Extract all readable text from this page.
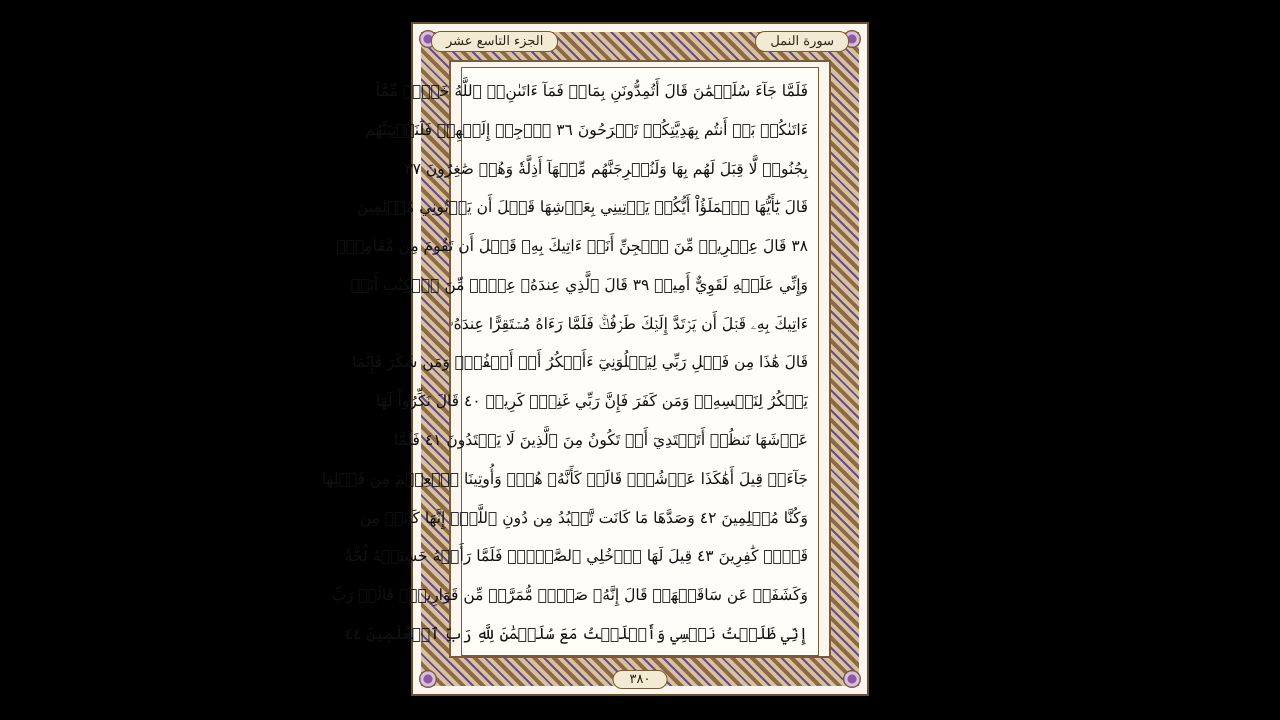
الجزء التاسع عشر	سورة النمل
فَلَمَّا جَآءَ سُلَيۡمَٰنَ قَالَ أَتُمِدُّونَنِ بِمَالٖ فَمَآ ءَاتَىٰنِۦَ ٱللَّهُ خَيۡرٞ مِّمَّآ
ءَاتَىٰكُمۚ بَلۡ أَنتُم بِهَدِيَّتِكُمۡ تَفۡرَحُونَ ٣٦ ٱرۡجِعۡ إِلَيۡهِمۡ فَلَنَأۡتِيَنَّهُم
بِجُنُودٖ لَّا قِبَلَ لَهُم بِهَا وَلَنُخۡرِجَنَّهُم مِّنۡهَآ أَذِلَّةٗ وَهُمۡ صَٰغِرُونَ ٣٧
قَالَ يَٰٓأَيُّهَا ٱلۡمَلَؤُاْ أَيُّكُمۡ يَأۡتِينِي بِعَرۡشِهَا قَبۡلَ أَن يَأۡتُونِي مُسۡلِمِينَ
٣٨ قَالَ عِفۡرِيتٞ مِّنَ ٱلۡجِنِّ أَنَا۠ ءَاتِيكَ بِهِۦ قَبۡلَ أَن تَقُومَ مِن مَّقَامِكَۖ
وَإِنِّي عَلَيۡهِ لَقَوِيٌّ أَمِينٞ ٣٩ قَالَ ٱلَّذِي عِندَهُۥ عِلۡمٞ مِّنَ ٱلۡكِتَٰبِ أَنَا۠
ءَاتِيكَ بِهِۦ قَبۡلَ أَن يَرۡتَدَّ إِلَيۡكَ طَرۡفُكَۚ فَلَمَّا رَءَاهُ مُسۡتَقِرًّا عِندَهُۥ
قَالَ هَٰذَا مِن فَضۡلِ رَبِّي لِيَبۡلُوَنِيٓ ءَأَشۡكُرُ أَمۡ أَكۡفُرُۖ وَمَن شَكَرَ فَإِنَّمَا
يَشۡكُرُ لِنَفۡسِهِۦۖ وَمَن كَفَرَ فَإِنَّ رَبِّي غَنِيّٞ كَرِيمٞ ٤٠ قَالَ نَكِّرُواْ لَهَا
عَرۡشَهَا نَنظُرۡ أَتَهۡتَدِيٓ أَمۡ تَكُونُ مِنَ ٱلَّذِينَ لَا يَهۡتَدُونَ ٤١ فَلَمَّا
جَآءَتۡ قِيلَ أَهَٰكَذَا عَرۡشُكِۖ قَالَتۡ كَأَنَّهُۥ هُوَۚ وَأُوتِينَا ٱلۡعِلۡمَ مِن قَبۡلِهَا
وَكُنَّا مُسۡلِمِينَ ٤٢ وَصَدَّهَا مَا كَانَت تَّعۡبُدُ مِن دُونِ ٱللَّهِۖ إِنَّهَا كَانَتۡ مِن
قَوۡمٖ كَٰفِرِينَ ٤٣ قِيلَ لَهَا ٱدۡخُلِي ٱلصَّرۡحَۖ فَلَمَّا رَأَتۡهُ حَسِبَتۡهُ لُجَّةٗ
وَكَشَفَتۡ عَن سَاقَيۡهَاۚ قَالَ إِنَّهُۥ صَرۡحٞ مُّمَرَّدٞ مِّن قَوَارِيرَۗ قَالَتۡ رَبِّ
إِنِّي ظَلَمۡتُ نَفۡسِي وَأَسۡلَمۡتُ مَعَ سُلَيۡمَٰنَ لِلَّهِ رَبِّ ٱلۡعَٰلَمِينَ ٤٤
٣٨٠
